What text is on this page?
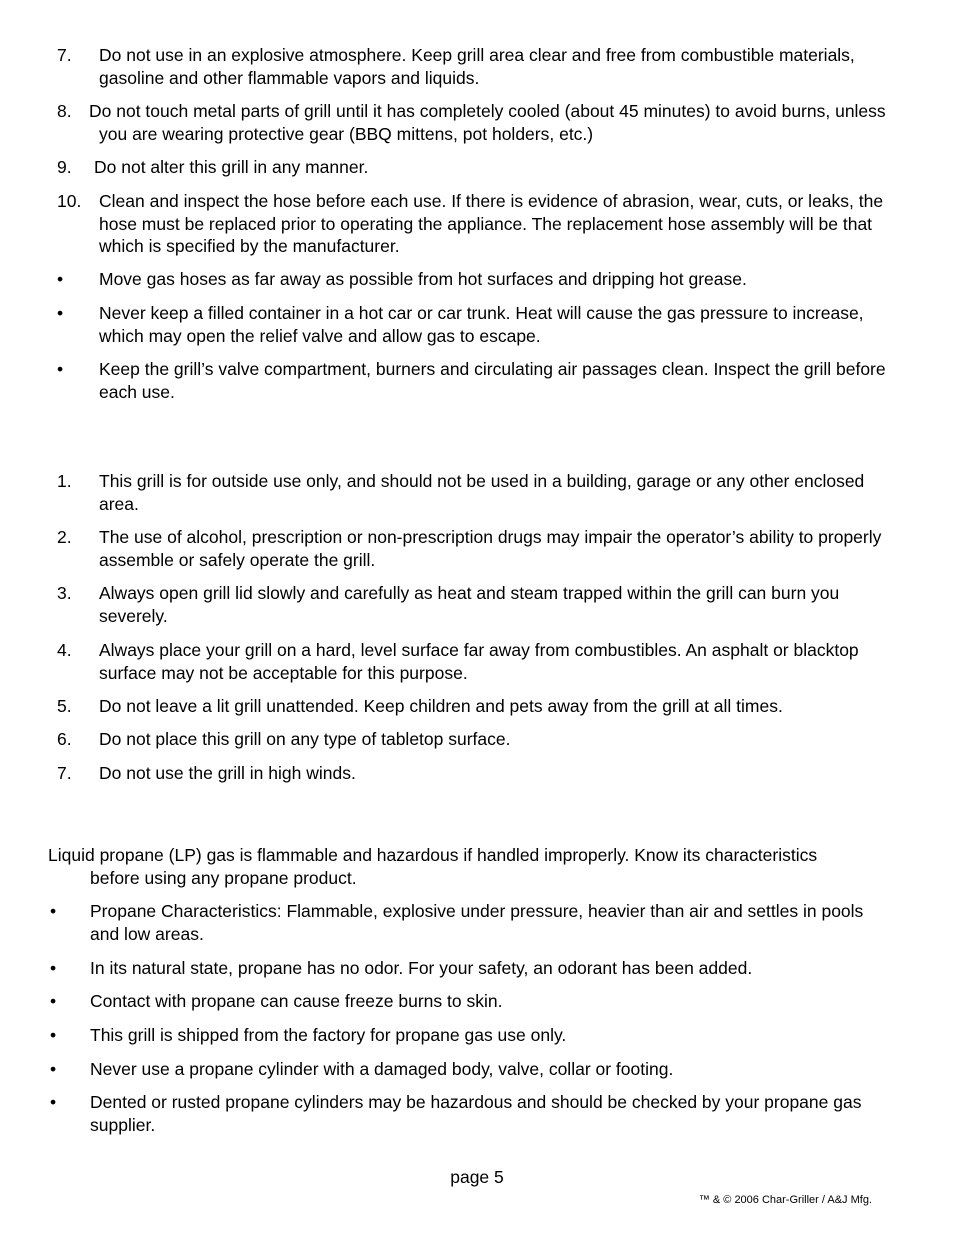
7. Do not use in an explosive atmosphere. Keep grill area clear and free from combustible materials, gasoline and other flammable vapors and liquids.
8. Do not touch metal parts of grill until it has completely cooled (about 45 minutes) to avoid burns, unless you are wearing protective gear (BBQ mittens, pot holders, etc.)
9. Do not alter this grill in any manner.
10. Clean and inspect the hose before each use. If there is evidence of abrasion, wear, cuts, or leaks, the hose must be replaced prior to operating the appliance. The replacement hose assembly will be that which is specified by the manufacturer.
• Move gas hoses as far away as possible from hot surfaces and dripping hot grease.
• Never keep a filled container in a hot car or car trunk. Heat will cause the gas pressure to increase, which may open the relief valve and allow gas to escape.
• Keep the grill’s valve compartment, burners and circulating air passages clean. Inspect the grill before each use.
1. This grill is for outside use only, and should not be used in a building, garage or any other enclosed area.
2. The use of alcohol, prescription or non-prescription drugs may impair the operator’s ability to properly assemble or safely operate the grill.
3. Always open grill lid slowly and carefully as heat and steam trapped within the grill can burn you severely.
4. Always place your grill on a hard, level surface far away from combustibles. An asphalt or blacktop surface may not be acceptable for this purpose.
5. Do not leave a lit grill unattended. Keep children and pets away from the grill at all times.
6. Do not place this grill on any type of tabletop surface.
7. Do not use the grill in high winds.
Liquid propane (LP) gas is flammable and hazardous if handled improperly. Know its characteristics
before using any propane product.
• Propane Characteristics: Flammable, explosive under pressure, heavier than air and settles in pools and low areas.
• In its natural state, propane has no odor. For your safety, an odorant has been added.
• Contact with propane can cause freeze burns to skin.
• This grill is shipped from the factory for propane gas use only.
• Never use a propane cylinder with a damaged body, valve, collar or footing.
• Dented or rusted propane cylinders may be hazardous and should be checked by your propane gas supplier.
page 5
™ & © 2006 Char-Griller / A&J Mfg.
